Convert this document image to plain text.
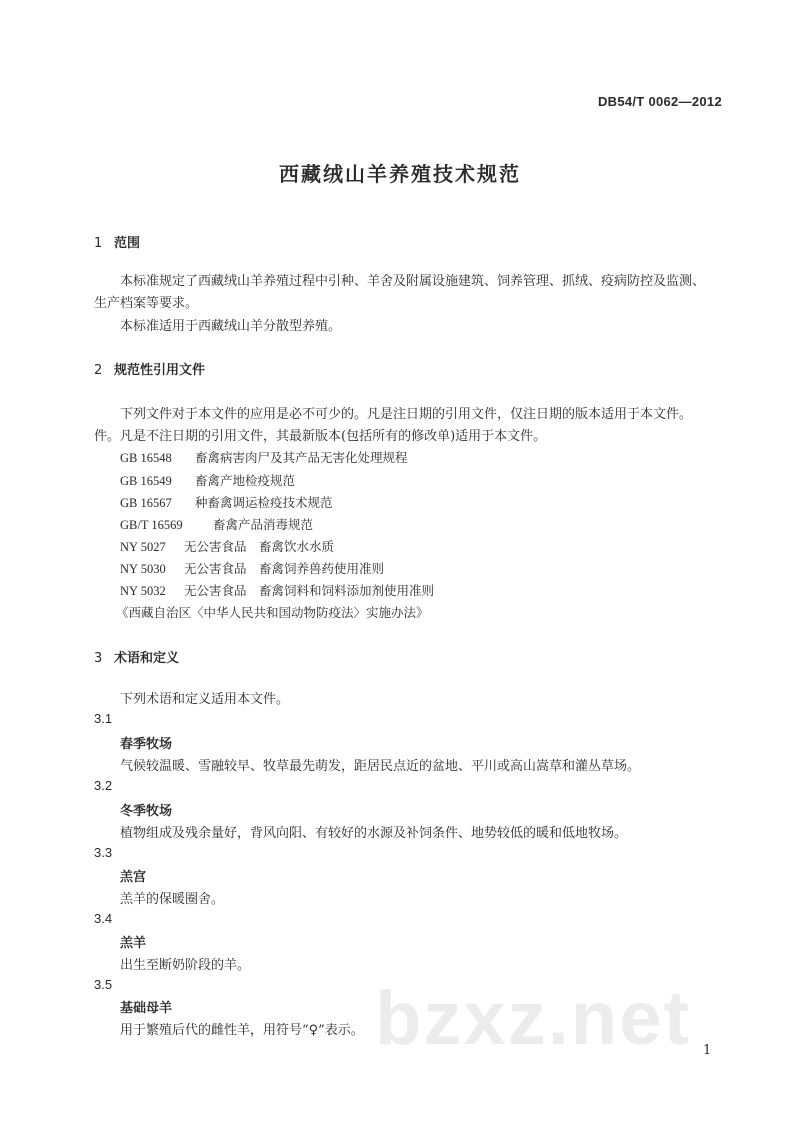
DB54/T 0062—2012
西藏绒山羊养殖技术规范
1 范围
本标准规定了西藏绒山羊养殖过程中引种、羊舍及附属设施建筑、饲养管理、抓绒、疫病防控及监测、
生产档案等要求。
本标准适用于西藏绒山羊分散型养殖。
2 规范性引用文件
下列文件对于本文件的应用是必不可少的。凡是注日期的引用文件，仅注日期的版本适用于本文件。
件。凡是不注日期的引用文件，其最新版本(包括所有的修改单)适用于本文件。
GB 16548 畜禽病害肉尸及其产品无害化处理规程
GB 16549 畜禽产地检疫规范
GB 16567 种畜禽调运检疫技术规范
GB/T 16569 畜禽产品消毒规范
NY 5027 无公害食品　畜禽饮水水质
NY 5030 无公害食品　畜禽饲养兽药使用准则
NY 5032 无公害食品　畜禽饲料和饲料添加剂使用准则
《西藏自治区〈中华人民共和国动物防疫法〉实施办法》
3 术语和定义
下列术语和定义适用本文件。
3.1
春季牧场
气候较温暖、雪融较早、牧草最先萌发，距居民点近的盆地、平川或高山嵩草和灌丛草场。
3.2
冬季牧场
植物组成及残余量好，背风向阳、有较好的水源及补饲条件、地势较低的暖和低地牧场。
3.3
羔宫
羔羊的保暖圈舍。
3.4
羔羊
出生至断奶阶段的羊。
3.5
基础母羊
用于繁殖后代的雌性羊，用符号“♀”表示。 bzxz.net 1
